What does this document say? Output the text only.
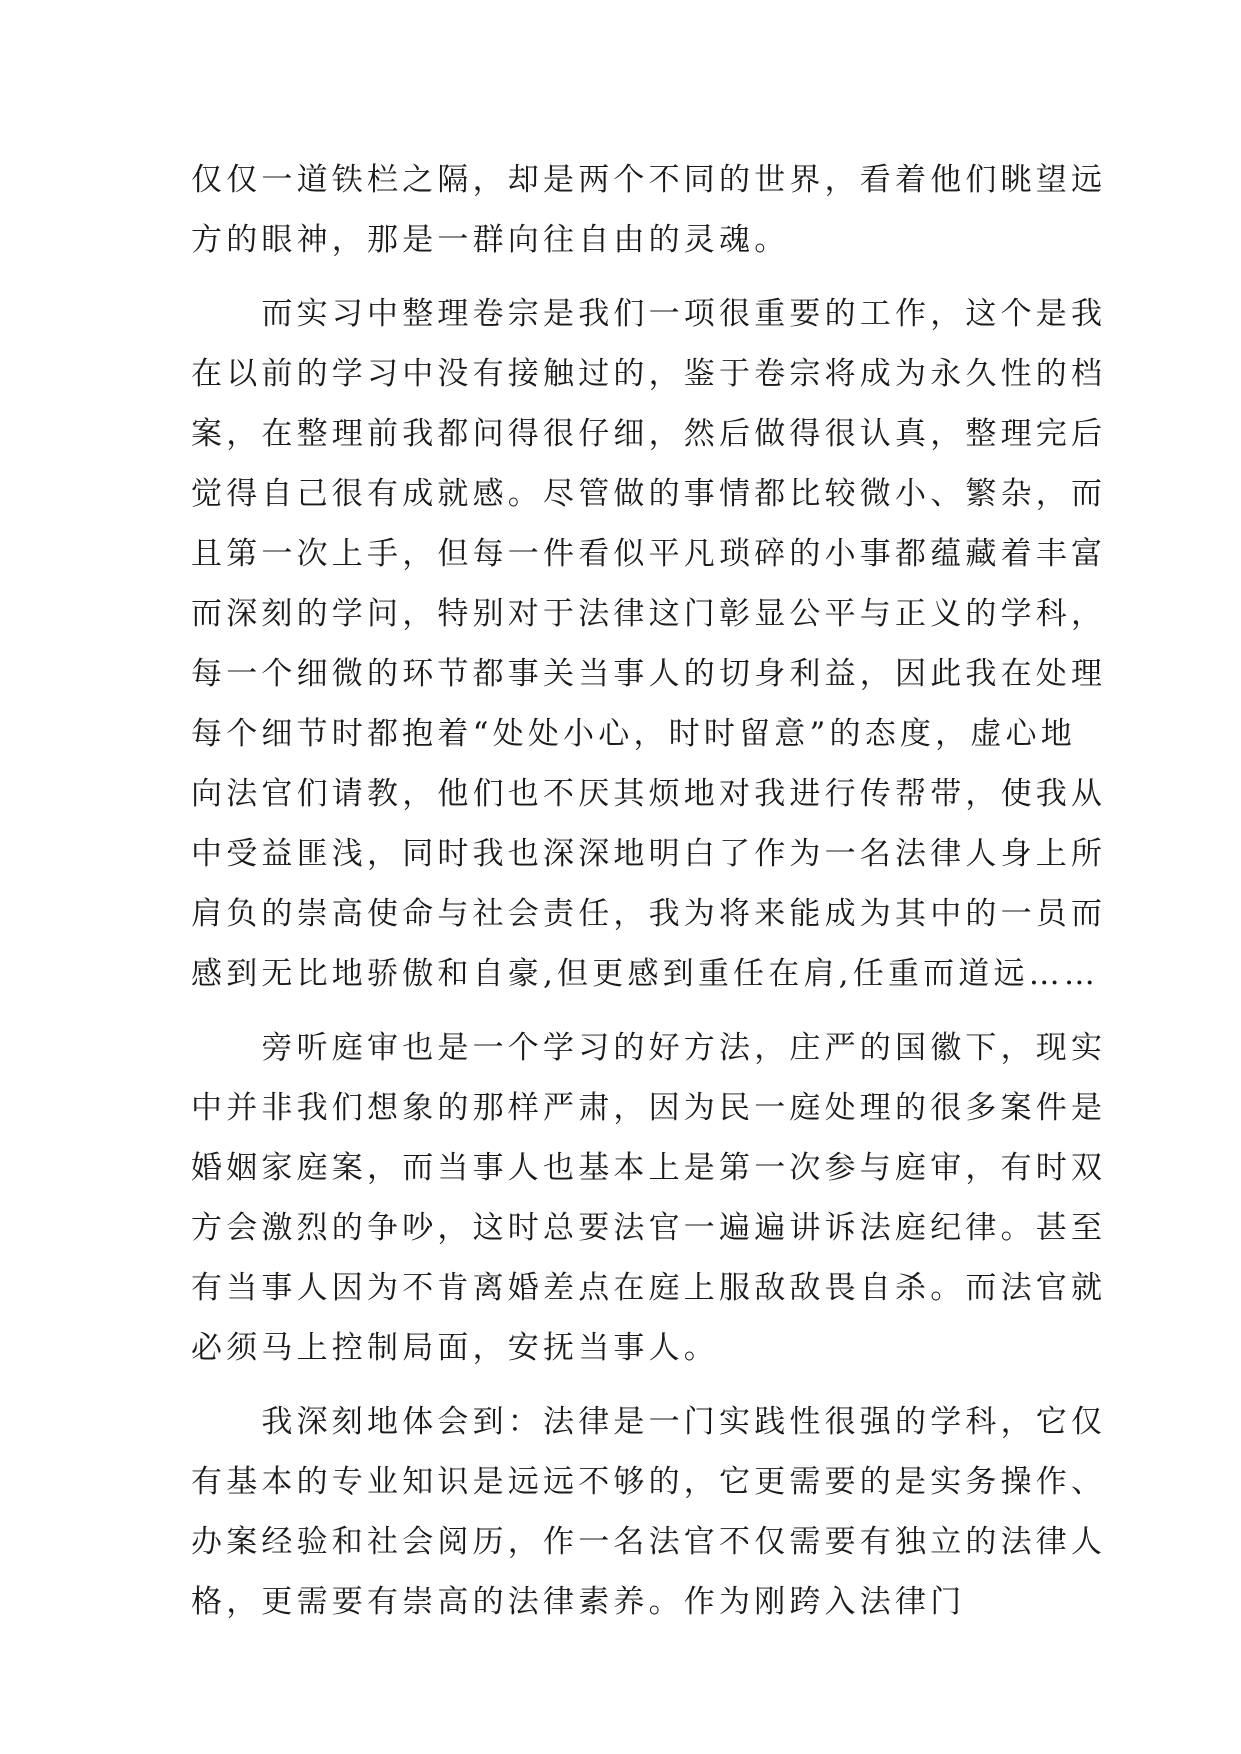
仅仅一道铁栏之隔，却是两个不同的世界，看着他们眺望远
方的眼神，那是一群向往自由的灵魂。
　　而实习中整理卷宗是我们一项很重要的工作，这个是我
在以前的学习中没有接触过的，鉴于卷宗将成为永久性的档
案，在整理前我都问得很仔细，然后做得很认真，整理完后
觉得自己很有成就感。尽管做的事情都比较微小、繁杂，而
且第一次上手，但每一件看似平凡琐碎的小事都蕴藏着丰富
而深刻的学问，特别对于法律这门彰显公平与正义的学科，
每一个细微的环节都事关当事人的切身利益，因此我在处理
每个细节时都抱着“处处小心，时时留意”的态度，虚心地
向法官们请教，他们也不厌其烦地对我进行传帮带，使我从
中受益匪浅，同时我也深深地明白了作为一名法律人身上所
肩负的崇高使命与社会责任，我为将来能成为其中的一员而
感到无比地骄傲和自豪,但更感到重任在肩,任重而道远……
　　旁听庭审也是一个学习的好方法，庄严的国徽下，现实
中并非我们想象的那样严肃，因为民一庭处理的很多案件是
婚姻家庭案，而当事人也基本上是第一次参与庭审，有时双
方会激烈的争吵，这时总要法官一遍遍讲诉法庭纪律。甚至
有当事人因为不肯离婚差点在庭上服敌敌畏自杀。而法官就
必须马上控制局面，安抚当事人。
　　我深刻地体会到：法律是一门实践性很强的学科，它仅
有基本的专业知识是远远不够的，它更需要的是实务操作、
办案经验和社会阅历，作一名法官不仅需要有独立的法律人
格，更需要有崇高的法律素养。作为刚跨入法律门
